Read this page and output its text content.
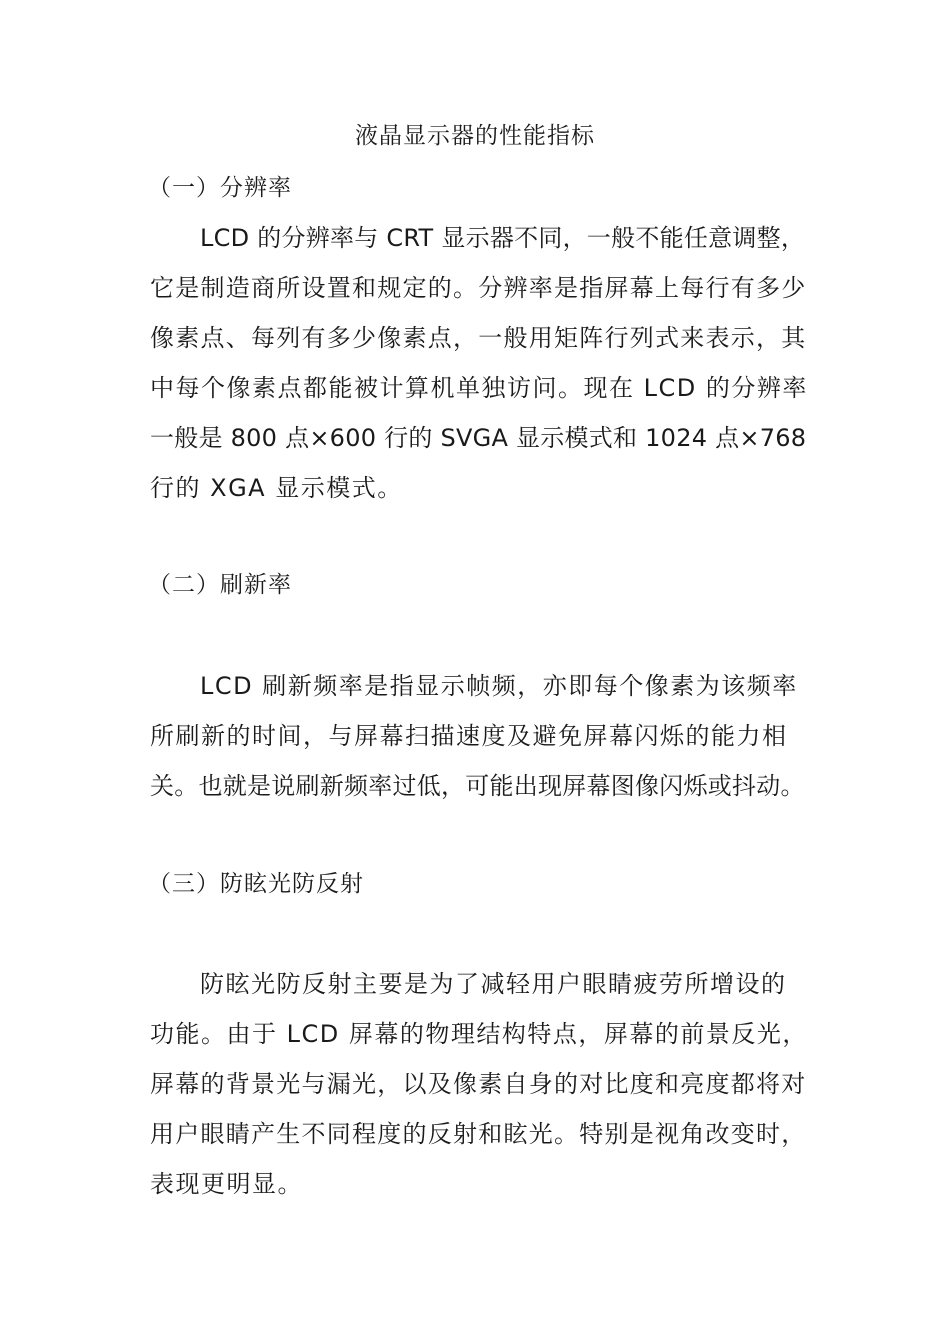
液晶显示器的性能指标
（一）分辨率
LCD 的分辨率与 CRT 显示器不同，一般不能任意调整，
它是制造商所设置和规定的。分辨率是指屏幕上每行有多少
像素点、每列有多少像素点，一般用矩阵行列式来表示，其
中每个像素点都能被计算机单独访问。现在 LCD 的分辨率
一般是 800 点×600 行的 SVGA 显示模式和 1024 点×768
行的 XGA 显示模式。
（二）刷新率
LCD 刷新频率是指显示帧频，亦即每个像素为该频率
所刷新的时间，与屏幕扫描速度及避免屏幕闪烁的能力相
关。也就是说刷新频率过低，可能出现屏幕图像闪烁或抖动。
（三）防眩光防反射
防眩光防反射主要是为了减轻用户眼睛疲劳所增设的
功能。由于 LCD 屏幕的物理结构特点，屏幕的前景反光，
屏幕的背景光与漏光，以及像素自身的对比度和亮度都将对
用户眼睛产生不同程度的反射和眩光。特别是视角改变时，
表现更明显。
